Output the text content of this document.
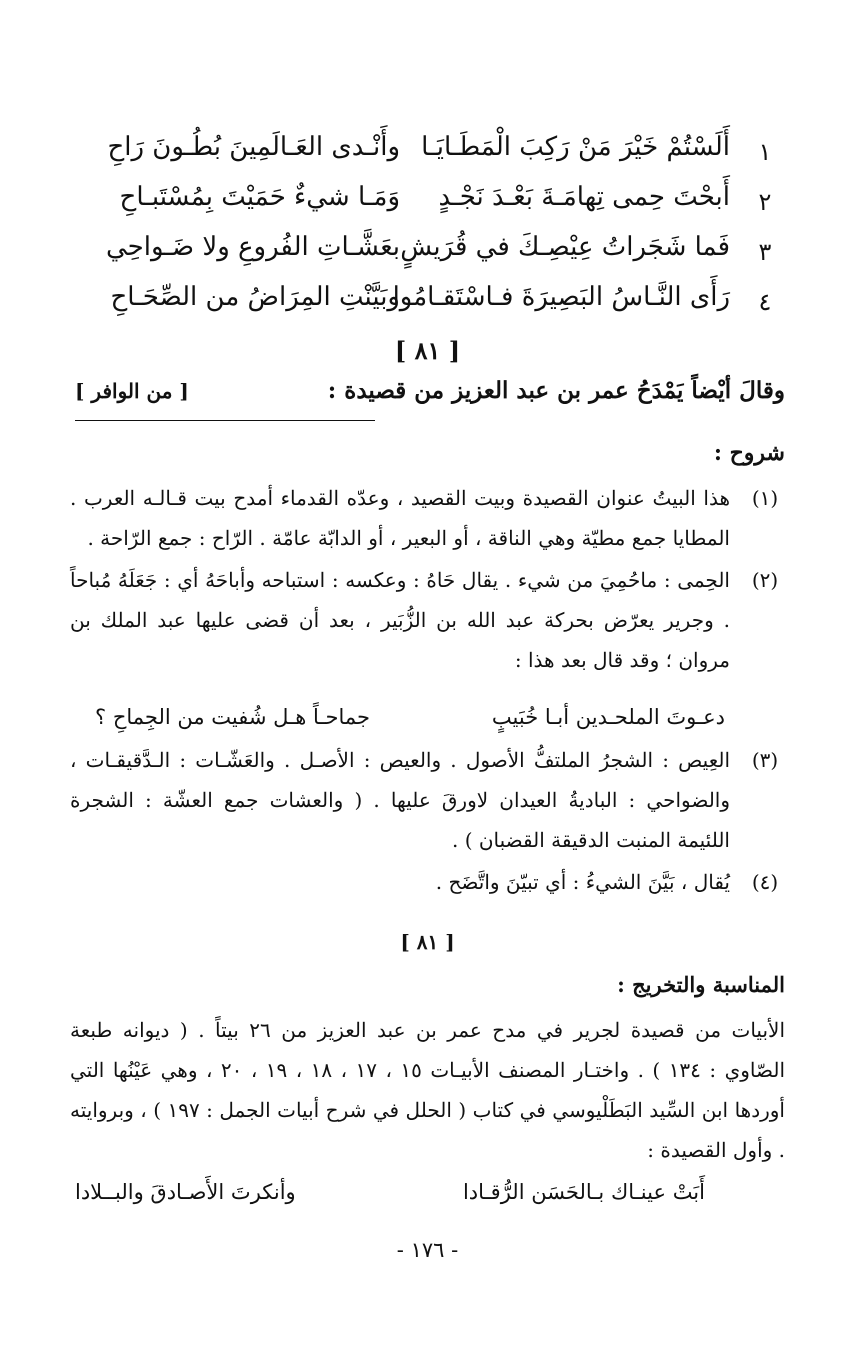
١
أَلَسْتُمْ خَيْرَ مَنْ رَكِبَ الْمَطَـايَـا
وأَنْـدى العَـالَمِينَ بُطُـونَ رَاحِ
٢
أَبحْتَ حِمى تِهامَـةَ بَعْـدَ نَجْـدٍ
وَمَـا شيءٌ حَمَيْتَ بِمُسْتَبـاحِ
٣
فَما شَجَراتُ عِيْصِـكَ في قُرَيشٍ
بعَشَّـاتِ الفُروعِ ولا ضَـواحِي
٤
رَأَى النَّـاسُ البَصِيرَةَ فـاسْتَقـامُوا
وبَيَّنْتِ المِرَاضُ من الصِّحَـاحِ
[ ٨١ ]
وقالَ أيْضاً يَمْدَحُ عمر بن عبد العزيز من قصيدة :
[ من الوافر ]
شروح :
(١)
هذا البيتُ عنوان القصيدة وبيت القصيد ، وعدّه القدماء أمدح بيت قـالـه العرب . المطايا جمع مطيّة وهي الناقة ، أو البعير ، أو الدابّة عامّة . الرّاح : جمع الرّاحة .
(٢)
الحِمى : ماحُمِيَ من شيء . يقال حَاهُ : وعكسه : استباحه وأباحَهُ أي : جَعَلَهُ مُباحاً . وجرير يعرّض بحركة عبد الله بن الزُّبَير ، بعد أن قضى عليها عبد الملك بن مروان ؛ وقد قال بعد هذا :
دعـوتَ الملحـدين أبـا خُبَيبٍ
جماحـاً هـل شُفيت من الجِماحِ ؟
(٣)
العِيص : الشجرُ الملتفُّ الأصول . والعيص : الأصـل . والعَشّـات : الـدَّقيقـات ، والضواحي : الباديةُ العيدان لاورقَ عليها . ( والعشات جمع العشّة : الشجرة اللئيمة المنبت الدقيقة القضبان ) .
(٤)
يُقال ، بَيَّنَ الشيءُ : أي تبيّنَ واتَّضَح .
[ ٨١ ]
المناسبة والتخريج :
الأبيات من قصيدة لجرير في مدح عمر بن عبد العزيز من ٢٦ بيتاً . ( ديوانه طبعة الصّاوي : ١٣٤ ) . واختـار المصنف الأبيـات ١٥ ، ١٧ ، ١٨ ، ١٩ ، ٢٠ ، وهي عَيْنُها التي أوردها ابن السِّيد البَطَلْيوسي في كتاب ( الحلل في شرح أبيات الجمل : ١٩٧ ) ، وبروايته . وأول القصيدة :
أَبَتْ عينـاك بـالحَسَن الرُّقـادا
وأنكرتَ الأَصـادقَ والبــلادا
- ١٧٦ -
